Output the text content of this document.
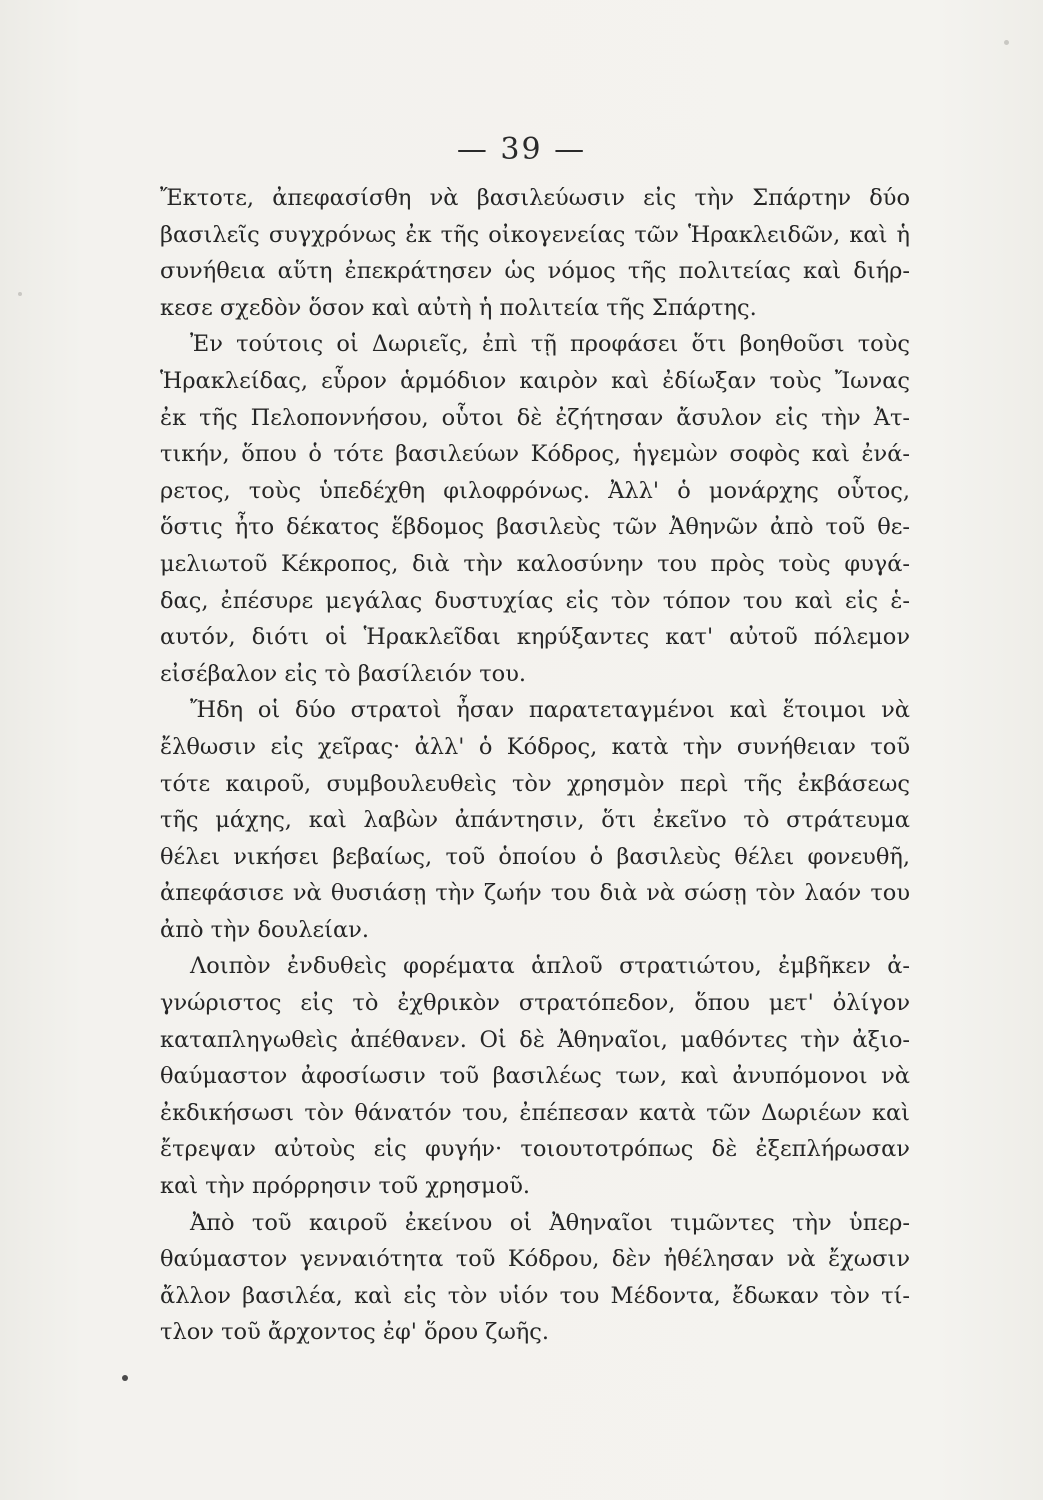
— 39 —
Ἔκτοτε, ἀπεφασίσθη νὰ βασιλεύωσιν εἰς τὴν Σπάρτην δύο
βασιλεῖς συγχρόνως ἐκ τῆς οἰκογενείας τῶν Ἡρακλειδῶν, καὶ ἡ
συνήθεια αὕτη ἐπεκράτησεν ὡς νόμος τῆς πολιτείας καὶ διήρ-
κεσε σχεδὸν ὅσον καὶ αὐτὴ ἡ πολιτεία τῆς Σπάρτης.
Ἐν τούτοις οἱ Δωριεῖς, ἐπὶ τῇ προφάσει ὅτι βοηθοῦσι τοὺς
Ἡρακλείδας, εὗρον ἁρμόδιον καιρὸν καὶ ἐδίωξαν τοὺς Ἴωνας
ἐκ τῆς Πελοποννήσου, οὗτοι δὲ ἐζήτησαν ἄσυλον εἰς τὴν Ἀτ-
τικήν, ὅπου ὁ τότε βασιλεύων Κόδρος, ἡγεμὼν σοφὸς καὶ ἐνά-
ρετος, τοὺς ὑπεδέχθη φιλοφρόνως. Ἀλλ' ὁ μονάρχης οὗτος,
ὅστις ἦτο δέκατος ἕβδομος βασιλεὺς τῶν Ἀθηνῶν ἀπὸ τοῦ θε-
μελιωτοῦ Κέκροπος, διὰ τὴν καλοσύνην του πρὸς τοὺς φυγά-
δας, ἐπέσυρε μεγάλας δυστυχίας εἰς τὸν τόπον του καὶ εἰς ἑ-
αυτόν, διότι οἱ Ἡρακλεῖδαι κηρύξαντες κατ' αὐτοῦ πόλεμον
εἰσέβαλον εἰς τὸ βασίλειόν του.
Ἤδη οἱ δύο στρατοὶ ἦσαν παρατεταγμένοι καὶ ἕτοιμοι νὰ
ἔλθωσιν εἰς χεῖρας· ἀλλ' ὁ Κόδρος, κατὰ τὴν συνήθειαν τοῦ
τότε καιροῦ, συμβουλευθεὶς τὸν χρησμὸν περὶ τῆς ἐκβάσεως
τῆς μάχης, καὶ λαβὼν ἀπάντησιν, ὅτι ἐκεῖνο τὸ στράτευμα
θέλει νικήσει βεβαίως, τοῦ ὁποίου ὁ βασιλεὺς θέλει φονευθῆ,
ἀπεφάσισε νὰ θυσιάσῃ τὴν ζωήν του διὰ νὰ σώσῃ τὸν λαόν του
ἀπὸ τὴν δουλείαν.
Λοιπὸν ἐνδυθεὶς φορέματα ἁπλοῦ στρατιώτου, ἐμβῆκεν ἀ-
γνώριστος εἰς τὸ ἐχθρικὸν στρατόπεδον, ὅπου μετ' ὀλίγον
καταπληγωθεὶς ἀπέθανεν. Οἱ δὲ Ἀθηναῖοι, μαθόντες τὴν ἀξιο-
θαύμαστον ἀφοσίωσιν τοῦ βασιλέως των, καὶ ἀνυπόμονοι νὰ
ἐκδικήσωσι τὸν θάνατόν του, ἐπέπεσαν κατὰ τῶν Δωριέων καὶ
ἔτρεψαν αὐτοὺς εἰς φυγήν· τοιουτοτρόπως δὲ ἐξεπλήρωσαν
καὶ τὴν πρόρρησιν τοῦ χρησμοῦ.
Ἀπὸ τοῦ καιροῦ ἐκείνου οἱ Ἀθηναῖοι τιμῶντες τὴν ὑπερ-
θαύμαστον γενναιότητα τοῦ Κόδρου, δὲν ἠθέλησαν νὰ ἔχωσιν
ἄλλον βασιλέα, καὶ εἰς τὸν υἱόν του Μέδοντα, ἔδωκαν τὸν τί-
τλον τοῦ ἄρχοντος ἐφ' ὅρου ζωῆς.
